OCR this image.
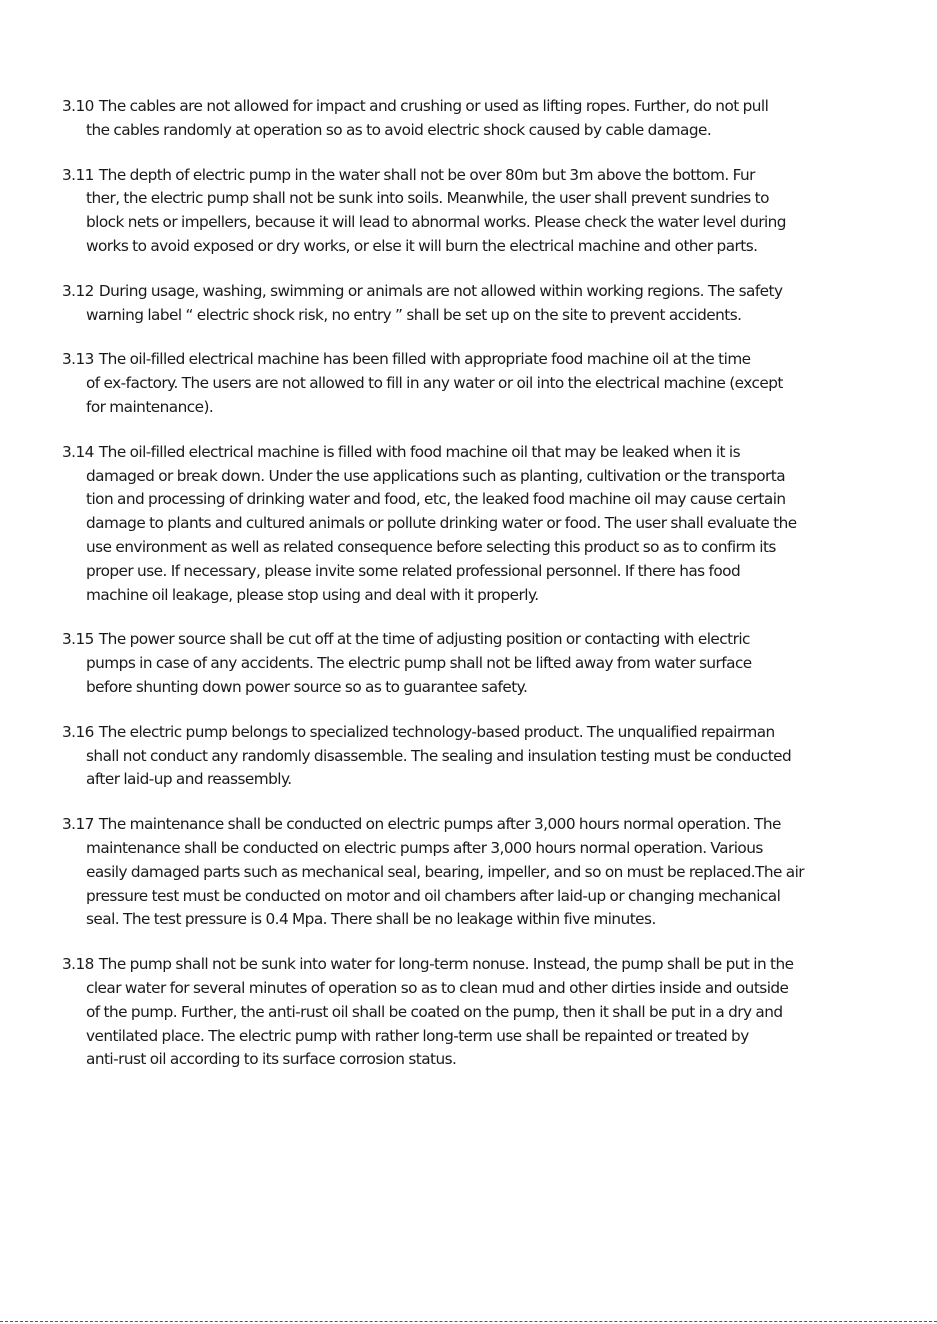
3.10 The cables are not allowed for impact and crushing or used as lifting ropes. Further, do not pull
the cables randomly at operation so as to avoid electric shock caused by cable damage.

3.11 The depth of electric pump in the water shall not be over 80m but 3m above the bottom. Fur
ther, the electric pump shall not be sunk into soils. Meanwhile, the user shall prevent sundries to
block nets or impellers, because it will lead to abnormal works. Please check the water level during
works to avoid exposed or dry works, or else it will burn the electrical machine and other parts.

3.12 During usage, washing, swimming or animals are not allowed within working regions. The safety
warning label “ electric shock risk, no entry ” shall be set up on the site to prevent accidents.

3.13 The oil-filled electrical machine has been filled with appropriate food machine oil at the time
of ex-factory. The users are not allowed to fill in any water or oil into the electrical machine (except
for maintenance).

3.14 The oil-filled electrical machine is filled with food machine oil that may be leaked when it is
damaged or break down. Under the use applications such as planting, cultivation or the transporta
tion and processing of drinking water and food, etc, the leaked food machine oil may cause certain
damage to plants and cultured animals or pollute drinking water or food. The user shall evaluate the
use environment as well as related consequence before selecting this product so as to confirm its
proper use. If necessary, please invite some related professional personnel. If there has food
machine oil leakage, please stop using and deal with it properly.

3.15 The power source shall be cut off at the time of adjusting position or contacting with electric
pumps in case of any accidents. The electric pump shall not be lifted away from water surface
before shunting down power source so as to guarantee safety.

3.16 The electric pump belongs to specialized technology-based product. The unqualified repairman
shall not conduct any randomly disassemble. The sealing and insulation testing must be conducted
after laid-up and reassembly.

3.17 The maintenance shall be conducted on electric pumps after 3,000 hours normal operation. The
maintenance shall be conducted on electric pumps after 3,000 hours normal operation. Various
easily damaged parts such as mechanical seal, bearing, impeller, and so on must be replaced.The air
pressure test must be conducted on motor and oil chambers after laid-up or changing mechanical
seal. The test pressure is 0.4 Mpa. There shall be no leakage within five minutes.

3.18 The pump shall not be sunk into water for long-term nonuse. Instead, the pump shall be put in the
clear water for several minutes of operation so as to clean mud and other dirties inside and outside
of the pump. Further, the anti-rust oil shall be coated on the pump, then it shall be put in a dry and
ventilated place. The electric pump with rather long-term use shall be repainted or treated by
anti-rust oil according to its surface corrosion status.
